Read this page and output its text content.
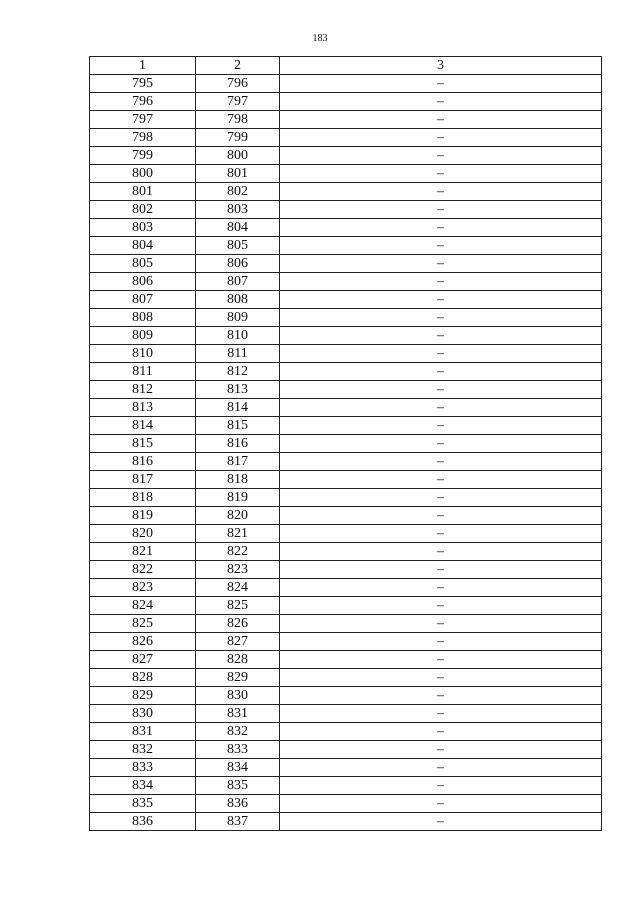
183
1	2	3
795	796	–
796	797	–
797	798	–
798	799	–
799	800	–
800	801	–
801	802	–
802	803	–
803	804	–
804	805	–
805	806	–
806	807	–
807	808	–
808	809	–
809	810	–
810	811	–
811	812	–
812	813	–
813	814	–
814	815	–
815	816	–
816	817	–
817	818	–
818	819	–
819	820	–
820	821	–
821	822	–
822	823	–
823	824	–
824	825	–
825	826	–
826	827	–
827	828	–
828	829	–
829	830	–
830	831	–
831	832	–
832	833	–
833	834	–
834	835	–
835	836	–
836	837	–
